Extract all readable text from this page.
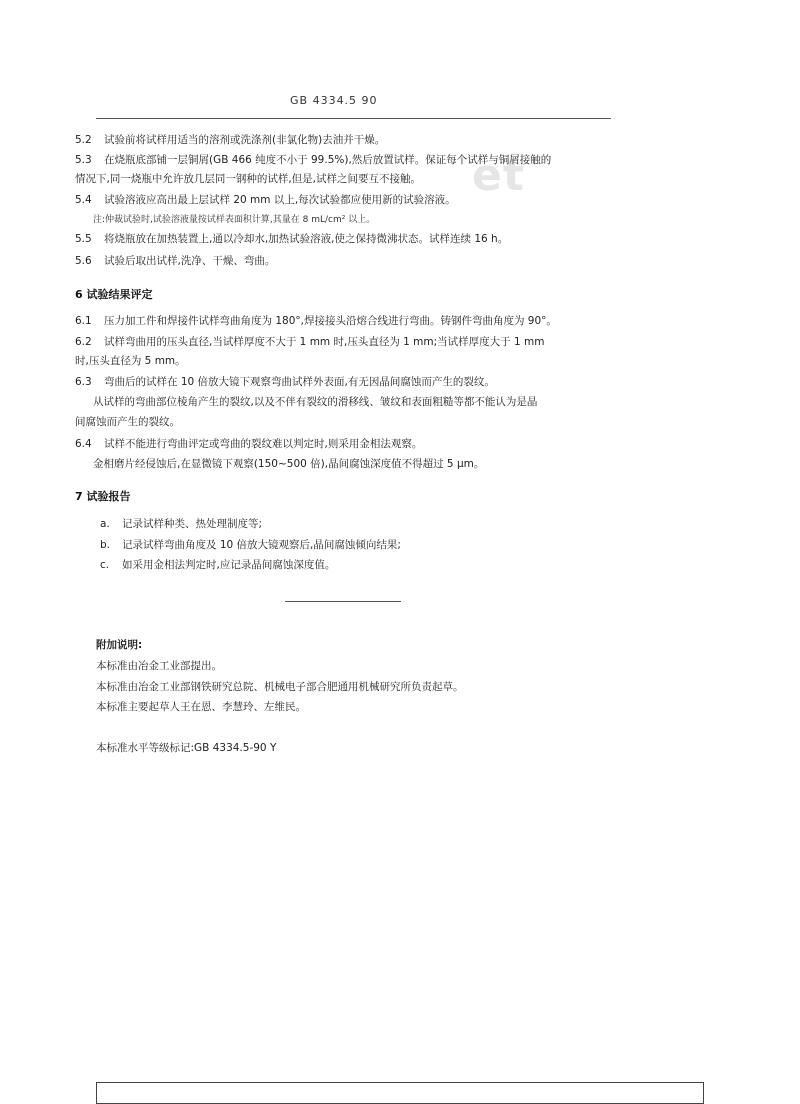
et
GB 4334.5 90
5.2 试验前将试样用适当的溶剂或洗涤剂(非氯化物)去油并干燥。
5.3 在烧瓶底部铺一层铜屑(GB 466 纯度不小于 99.5%),然后放置试样。保证每个试样与铜屑接触的
情况下,同一烧瓶中允许放几层同一钢种的试样,但是,试样之间要互不接触。
5.4 试验溶液应高出最上层试样 20 mm 以上,每次试验都应使用新的试验溶液。
注:仲裁试验时,试验溶液量按试样表面积计算,其量在 8 mL/cm² 以上。
5.5 将烧瓶放在加热装置上,通以冷却水,加热试验溶液,使之保持微沸状态。试样连续 16 h。
5.6 试验后取出试样,洗净、干燥、弯曲。
6 试验结果评定
6.1 压力加工件和焊接件试样弯曲角度为 180°,焊接接头沿熔合线进行弯曲。铸钢件弯曲角度为 90°。
6.2 试样弯曲用的压头直径,当试样厚度不大于 1 mm 时,压头直径为 1 mm;当试样厚度大于 1 mm
时,压头直径为 5 mm。
6.3 弯曲后的试样在 10 倍放大镜下观察弯曲试样外表面,有无因晶间腐蚀而产生的裂纹。
从试样的弯曲部位棱角产生的裂纹,以及不伴有裂纹的滑移线、皱纹和表面粗糙等都不能认为是晶
间腐蚀而产生的裂纹。
6.4 试样不能进行弯曲评定或弯曲的裂纹难以判定时,则采用金相法观察。
金相磨片经侵蚀后,在显微镜下观察(150~500 倍),晶间腐蚀深度值不得超过 5 μm。
7 试验报告
a. 记录试样种类、热处理制度等;
b. 记录试样弯曲角度及 10 倍放大镜观察后,晶间腐蚀倾向结果;
c. 如采用金相法判定时,应记录晶间腐蚀深度值。
附加说明:
本标准由冶金工业部提出。
本标准由冶金工业部钢铁研究总院、机械电子部合肥通用机械研究所负责起草。
本标准主要起草人王在恩、李慧玲、左维民。
本标准水平等级标记:GB 4334.5-90 Y
